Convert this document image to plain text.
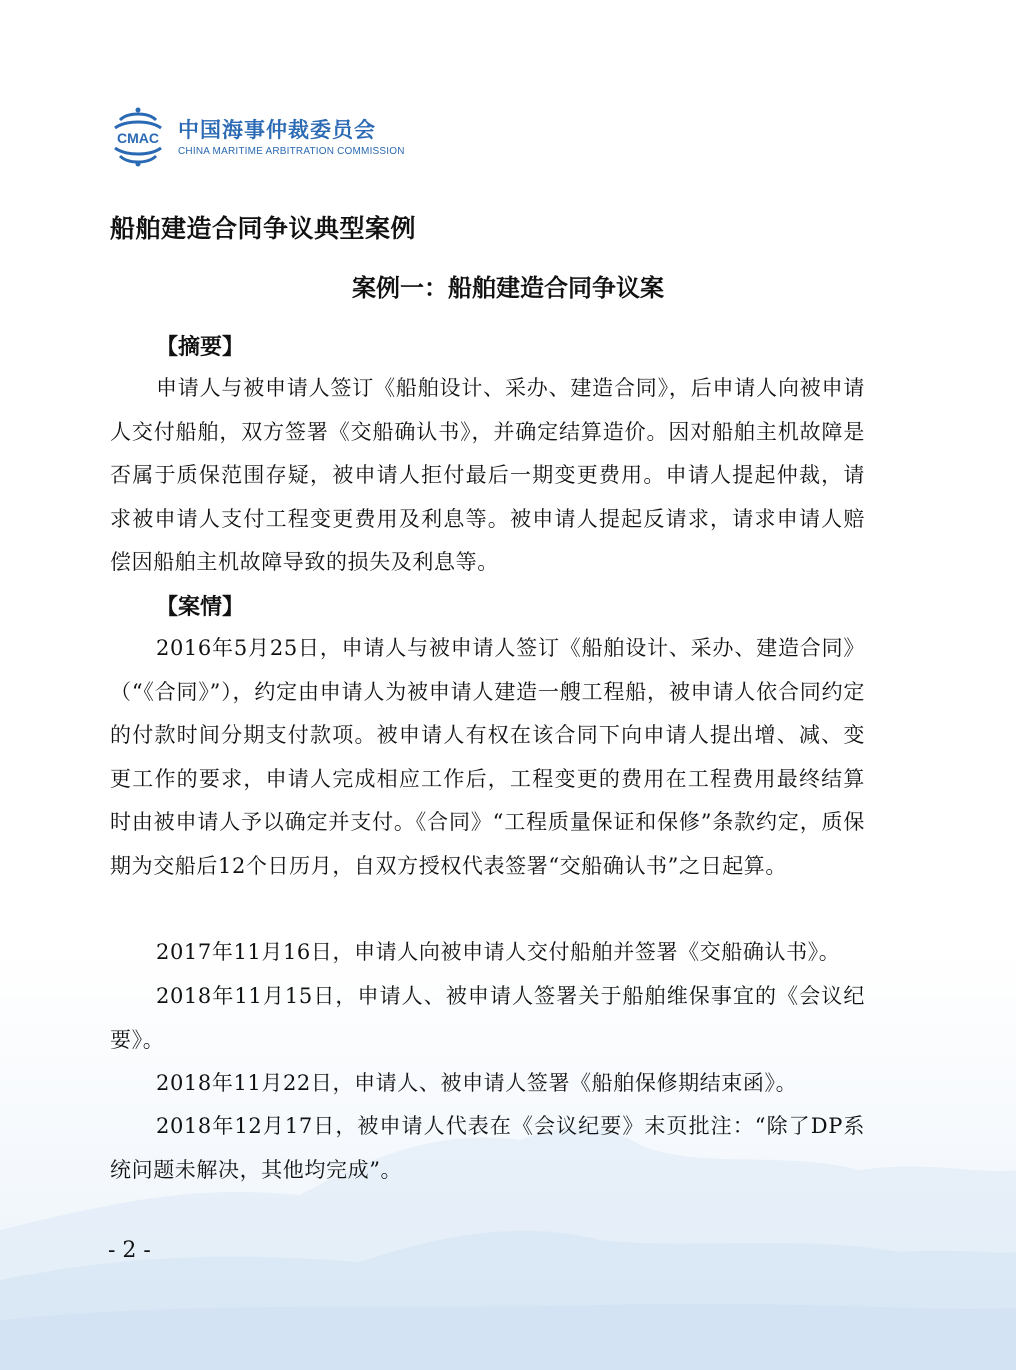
CMAC 中国海事仲裁委员会
CHINA MARITIME ARBITRATION COMMISSION
船舶建造合同争议典型案例
案例一：船舶建造合同争议案
【摘要】

申请人与被申请人签订《船舶设计、采办、建造合同》，后申请人向被申请人交付船舶，双方签署《交船确认书》，并确定结算造价。因对船舶主机故障是否属于质保范围存疑，被申请人拒付最后一期变更费用。申请人提起仲裁，请求被申请人支付工程变更费用及利息等。被申请人提起反请求，请求申请人赔偿因船舶主机故障导致的损失及利息等。

【案情】

2016年5月25日，申请人与被申请人签订《船舶设计、采办、建造合同》（“《合同》”），约定由申请人为被申请人建造一艘工程船，被申请人依合同约定的付款时间分期支付款项。被申请人有权在该合同下向申请人提出增、减、变更工作的要求，申请人完成相应工作后，工程变更的费用在工程费用最终结算时由被申请人予以确定并支付。《合同》“工程质量保证和保修”条款约定，质保期为交船后12个日历月，自双方授权代表签署“交船确认书”之日起算。

2017年11月16日，申请人向被申请人交付船舶并签署《交船确认书》。

2018年11月15日，申请人、被申请人签署关于船舶维保事宜的《会议纪要》。

2018年11月22日，申请人、被申请人签署《船舶保修期结束函》。

2018年12月17日，被申请人代表在《会议纪要》末页批注：“除了DP系统问题未解决，其他均完成”。

- 2 -
